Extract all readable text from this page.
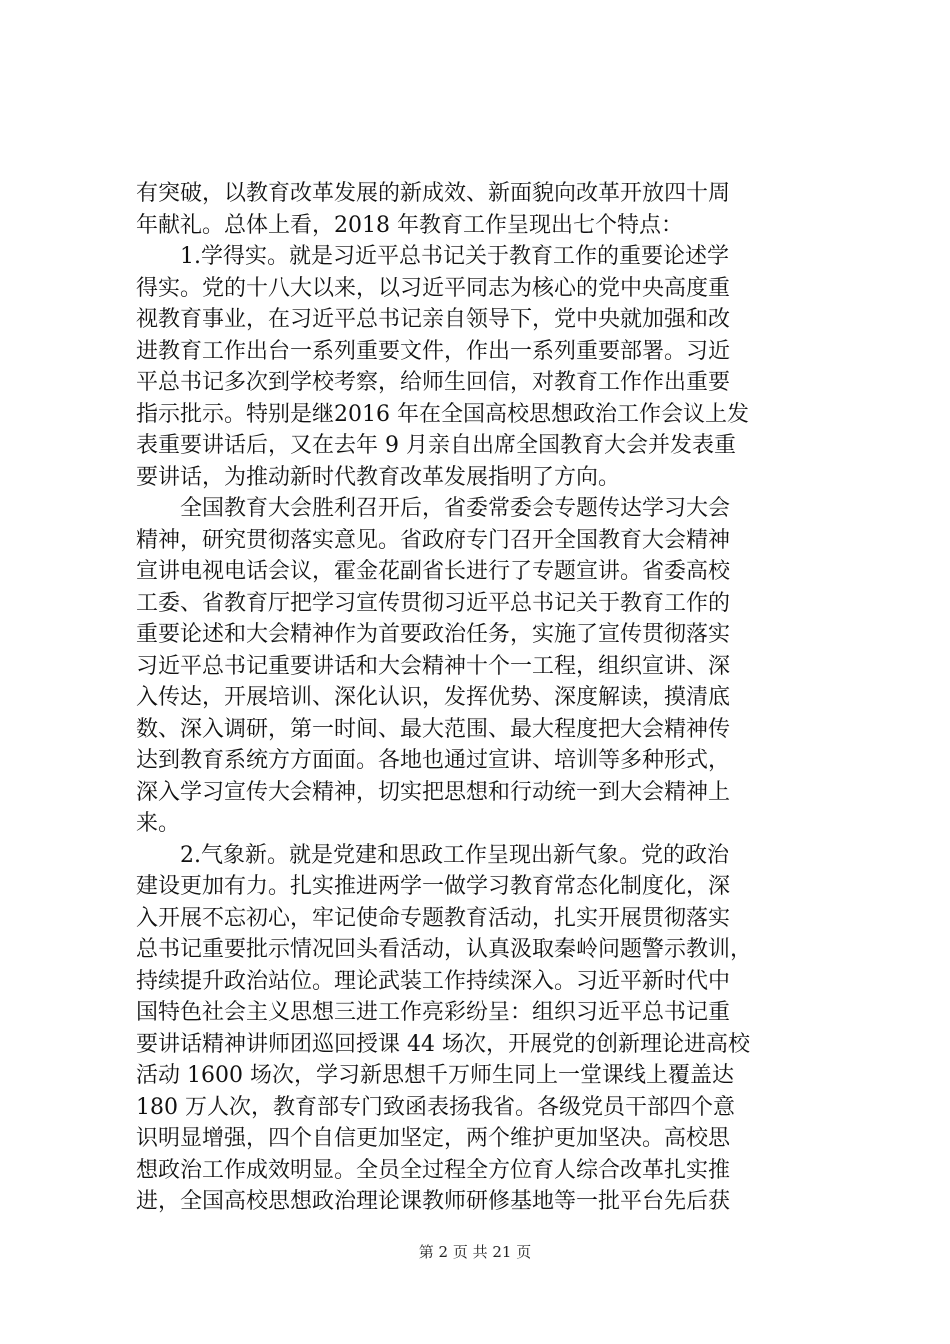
有突破，以教育改革发展的新成效、新面貌向改革开放四十周
年献礼。总体上看，2018 年教育工作呈现出七个特点：
　　1.学得实。就是习近平总书记关于教育工作的重要论述学
得实。党的十八大以来，以习近平同志为核心的党中央高度重
视教育事业，在习近平总书记亲自领导下，党中央就加强和改
进教育工作出台一系列重要文件，作出一系列重要部署。习近
平总书记多次到学校考察，给师生回信，对教育工作作出重要
指示批示。特别是继2016 年在全国高校思想政治工作会议上发
表重要讲话后，又在去年 9 月亲自出席全国教育大会并发表重
要讲话，为推动新时代教育改革发展指明了方向。
　　全国教育大会胜利召开后，省委常委会专题传达学习大会
精神，研究贯彻落实意见。省政府专门召开全国教育大会精神
宣讲电视电话会议，霍金花副省长进行了专题宣讲。省委高校
工委、省教育厅把学习宣传贯彻习近平总书记关于教育工作的
重要论述和大会精神作为首要政治任务，实施了宣传贯彻落实
习近平总书记重要讲话和大会精神十个一工程，组织宣讲、深
入传达，开展培训、深化认识，发挥优势、深度解读，摸清底
数、深入调研，第一时间、最大范围、最大程度把大会精神传
达到教育系统方方面面。各地也通过宣讲、培训等多种形式，
深入学习宣传大会精神，切实把思想和行动统一到大会精神上
来。
　　2.气象新。就是党建和思政工作呈现出新气象。党的政治
建设更加有力。扎实推进两学一做学习教育常态化制度化，深
入开展不忘初心，牢记使命专题教育活动，扎实开展贯彻落实
总书记重要批示情况回头看活动，认真汲取秦岭问题警示教训，
持续提升政治站位。理论武装工作持续深入。习近平新时代中
国特色社会主义思想三进工作亮彩纷呈：组织习近平总书记重
要讲话精神讲师团巡回授课 44 场次，开展党的创新理论进高校
活动 1600 场次，学习新思想千万师生同上一堂课线上覆盖达
180 万人次，教育部专门致函表扬我省。各级党员干部四个意
识明显增强，四个自信更加坚定，两个维护更加坚决。高校思
想政治工作成效明显。全员全过程全方位育人综合改革扎实推
进，全国高校思想政治理论课教师研修基地等一批平台先后获
第 2 页 共 21 页
